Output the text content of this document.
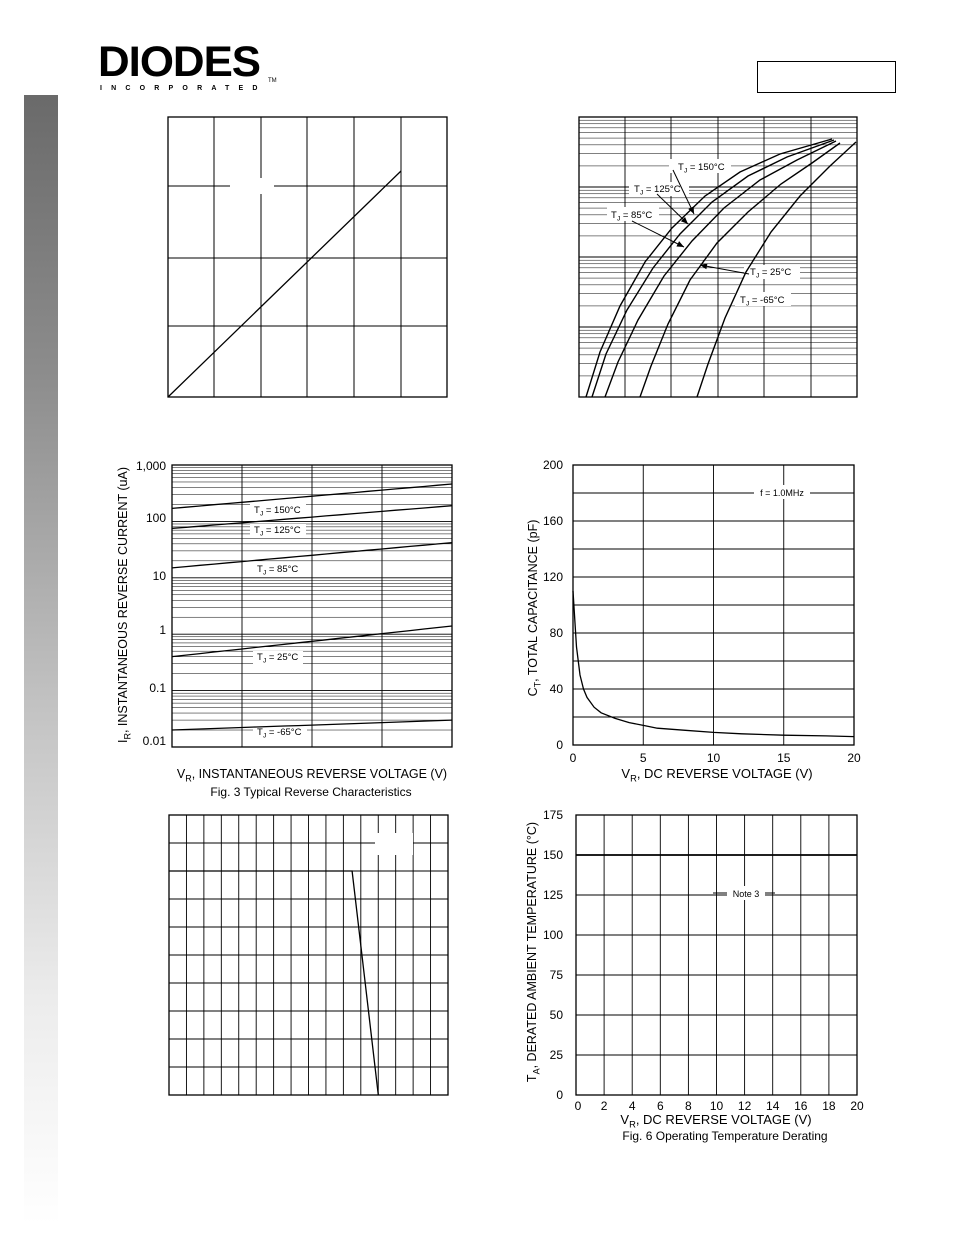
DIODES
INCORPORATED
TM
$T_J = 150^\circ C$
$T_J = 125^\circ C$
$T_J = 85^\circ C$
$T_J = 25^\circ C$
$T_J = -65^\circ C$
1,000
100
10
1
0.1
0.01
$T_J = 150^\circ C$
$T_J = 125^\circ C$
$T_J = 85^\circ C$
$T_J = 25^\circ C$
$T_J = -65^\circ C$
$V_R$, INSTANTANEOUS REVERSE VOLTAGE (V)
$I_R$, INSTANTANEOUS REVERSE CURRENT (uA)
Fig. 3 Typical Reverse Characteristics
f = 1.0MHz
0
40
80
120
160
200
0	5	10	15	20
$V_R$, DC REVERSE VOLTAGE (V)
$C_T$, TOTAL CAPACITANCE (pF)
Note 3
0
25
50
75
100
125
150
175
0 2 4 6 8 10 12 14 16 18 20
$V_R$, DC REVERSE VOLTAGE (V)
$T_A$, DERATED AMBIENT TEMPERATURE (°C)
Fig. 6 Operating Temperature Derating
